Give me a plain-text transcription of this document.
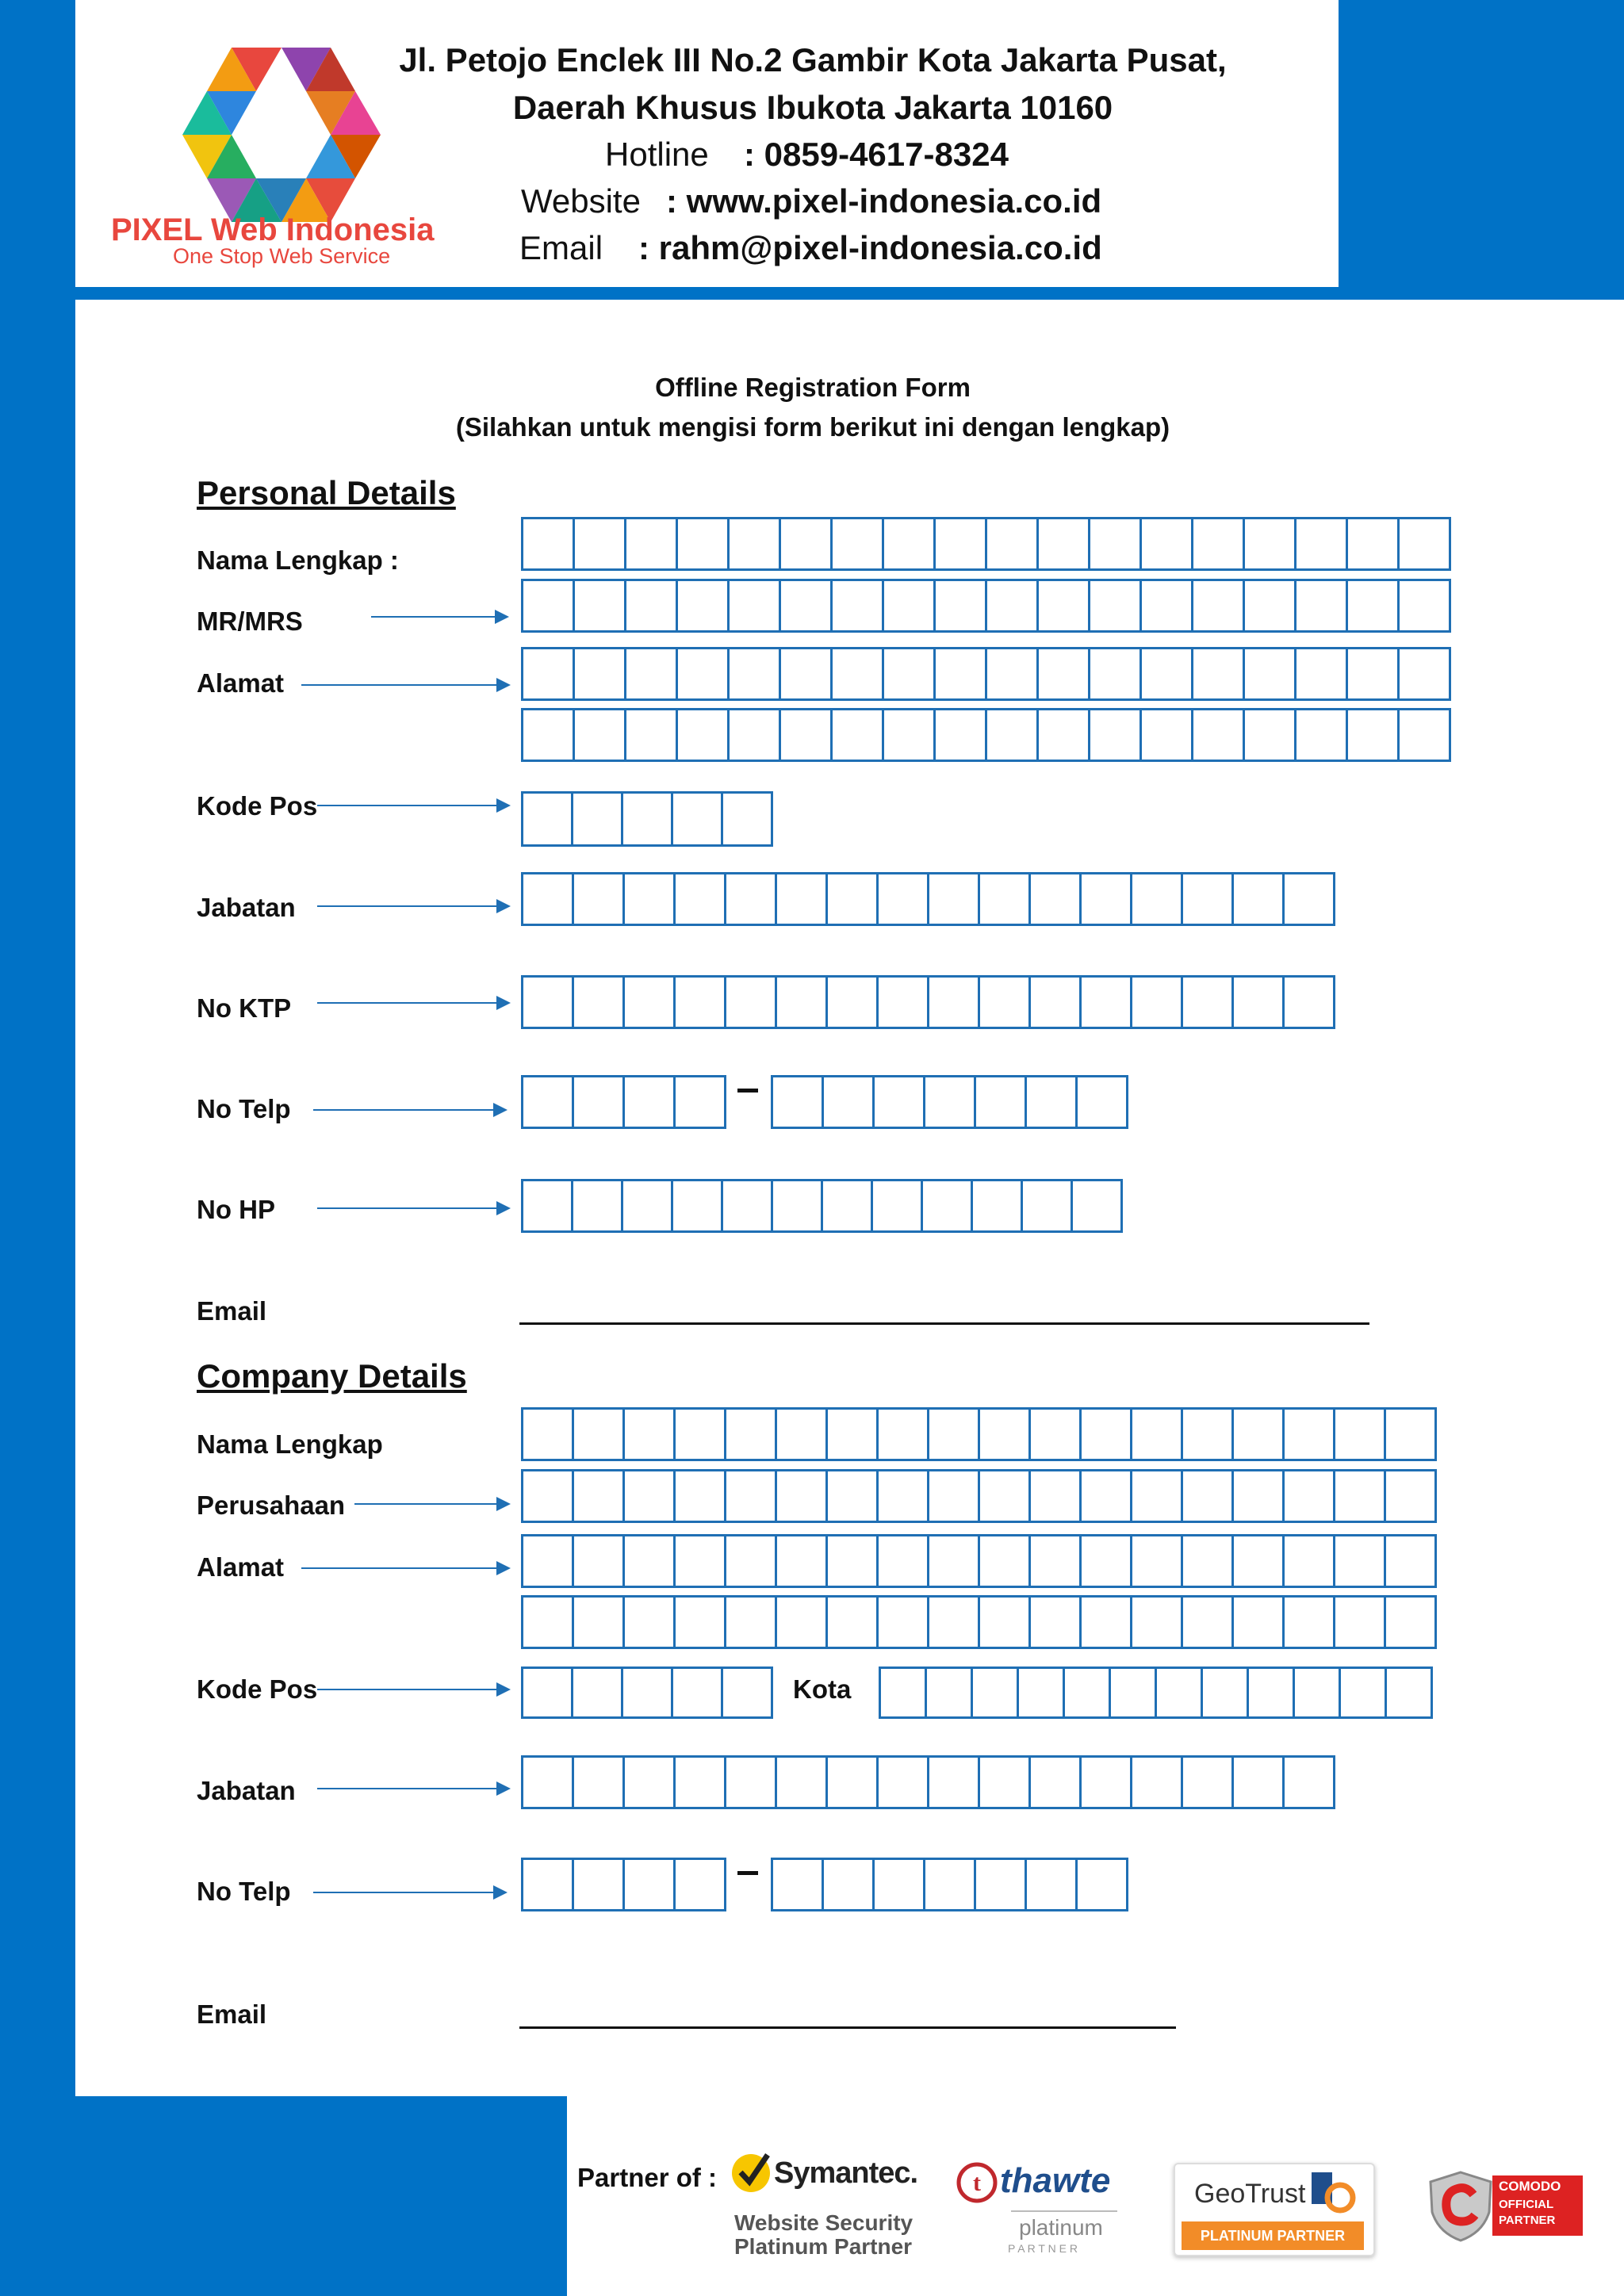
PIXEL Web Indonesia
One Stop Web Service
Jl. Petojo Enclek III No.2 Gambir Kota Jakarta Pusat,
Daerah Khusus Ibukota Jakarta 10160
Hotline : 0859-4617-8324
Website : www.pixel-indonesia.co.id
Email : rahm@pixel-indonesia.co.id
Offline Registration Form
(Silahkan untuk mengisi form berikut ini dengan lengkap)
Personal Details
Nama Lengkap :
MR/MRS
Alamat
Kode Pos
Jabatan
No KTP
No Telp
No HP
Email
Company Details
Nama Lengkap
Perusahaan
Alamat
Kode Pos	Kota
Jabatan
No Telp
Email
Partner of : Symantec.
Website Security
Platinum Partner
t thawte
platinum
P A R T N E R
GeoTrust
PLATINUM PARTNER
COMODO
OFFICIAL
PARTNER
